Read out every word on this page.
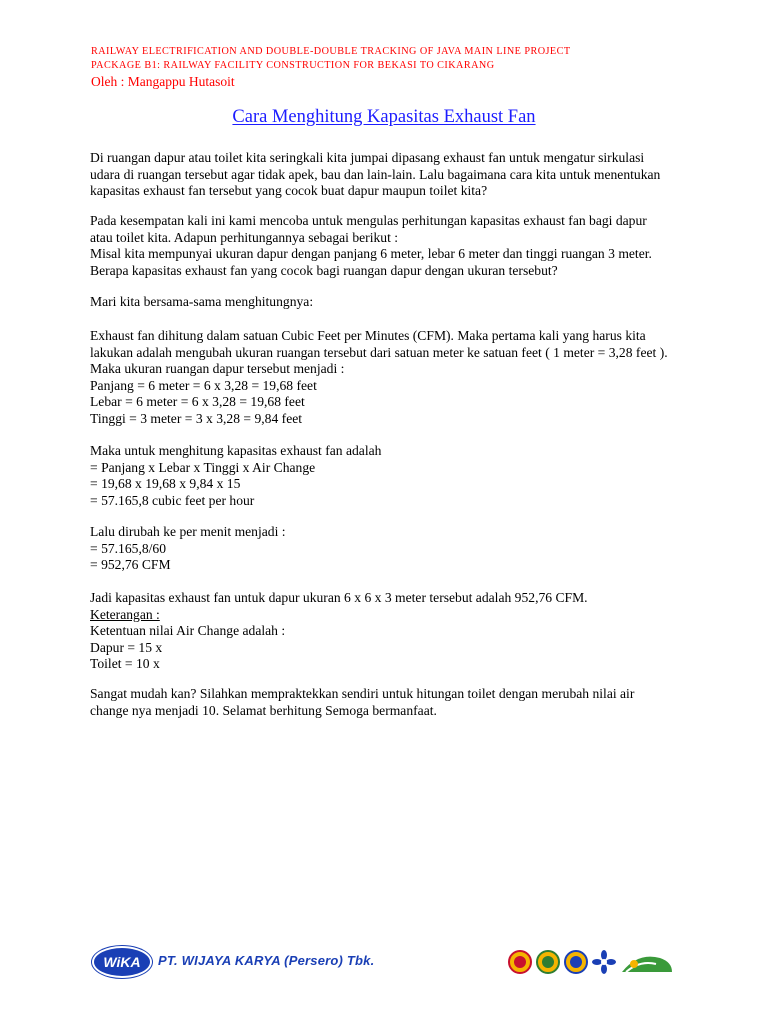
RAILWAY ELECTRIFICATION AND DOUBLE-DOUBLE TRACKING OF JAVA MAIN LINE PROJECT
PACKAGE B1: RAILWAY FACILITY CONSTRUCTION FOR BEKASI TO CIKARANG
Oleh : Mangappu Hutasoit
Cara Menghitung Kapasitas Exhaust Fan
Di ruangan dapur atau toilet kita seringkali kita jumpai dipasang exhaust fan untuk mengatur sirkulasi
udara di ruangan tersebut agar tidak apek, bau dan lain-lain. Lalu bagaimana cara kita untuk menentukan
kapasitas exhaust fan tersebut yang cocok buat dapur maupun toilet kita?
Pada kesempatan kali ini kami mencoba untuk mengulas perhitungan kapasitas exhaust fan bagi dapur
atau toilet kita. Adapun perhitungannya sebagai berikut :
Misal kita mempunyai ukuran dapur dengan panjang 6 meter, lebar 6 meter dan tinggi ruangan 3 meter.
Berapa kapasitas exhaust fan yang cocok bagi ruangan dapur dengan ukuran tersebut?
Mari kita bersama-sama menghitungnya:
Exhaust fan dihitung dalam satuan Cubic Feet per Minutes (CFM). Maka pertama kali yang harus kita
lakukan adalah mengubah ukuran ruangan tersebut dari satuan meter ke satuan feet ( 1 meter = 3,28 feet ).
Maka ukuran ruangan dapur tersebut menjadi :
Panjang = 6 meter = 6 x 3,28 = 19,68 feet
Lebar = 6 meter = 6 x 3,28 = 19,68 feet
Tinggi = 3 meter = 3 x 3,28 = 9,84 feet
Maka untuk menghitung kapasitas exhaust fan adalah
= Panjang x Lebar x Tinggi x Air Change
= 19,68 x 19,68 x 9,84 x 15
= 57.165,8 cubic feet per hour
Lalu dirubah ke per menit menjadi :
= 57.165,8/60
= 952,76 CFM
Jadi kapasitas exhaust fan untuk dapur ukuran 6 x 6 x 3 meter tersebut adalah 952,76 CFM.
Keterangan :
Ketentuan nilai Air Change adalah :
Dapur = 15 x
Toilet = 10 x
Sangat mudah kan? Silahkan mempraktekkan sendiri untuk hitungan toilet dengan merubah nilai air
change nya menjadi 10. Selamat berhitung Semoga bermanfaat.
WiKA	PT. WIJAYA KARYA (Persero) Tbk.
